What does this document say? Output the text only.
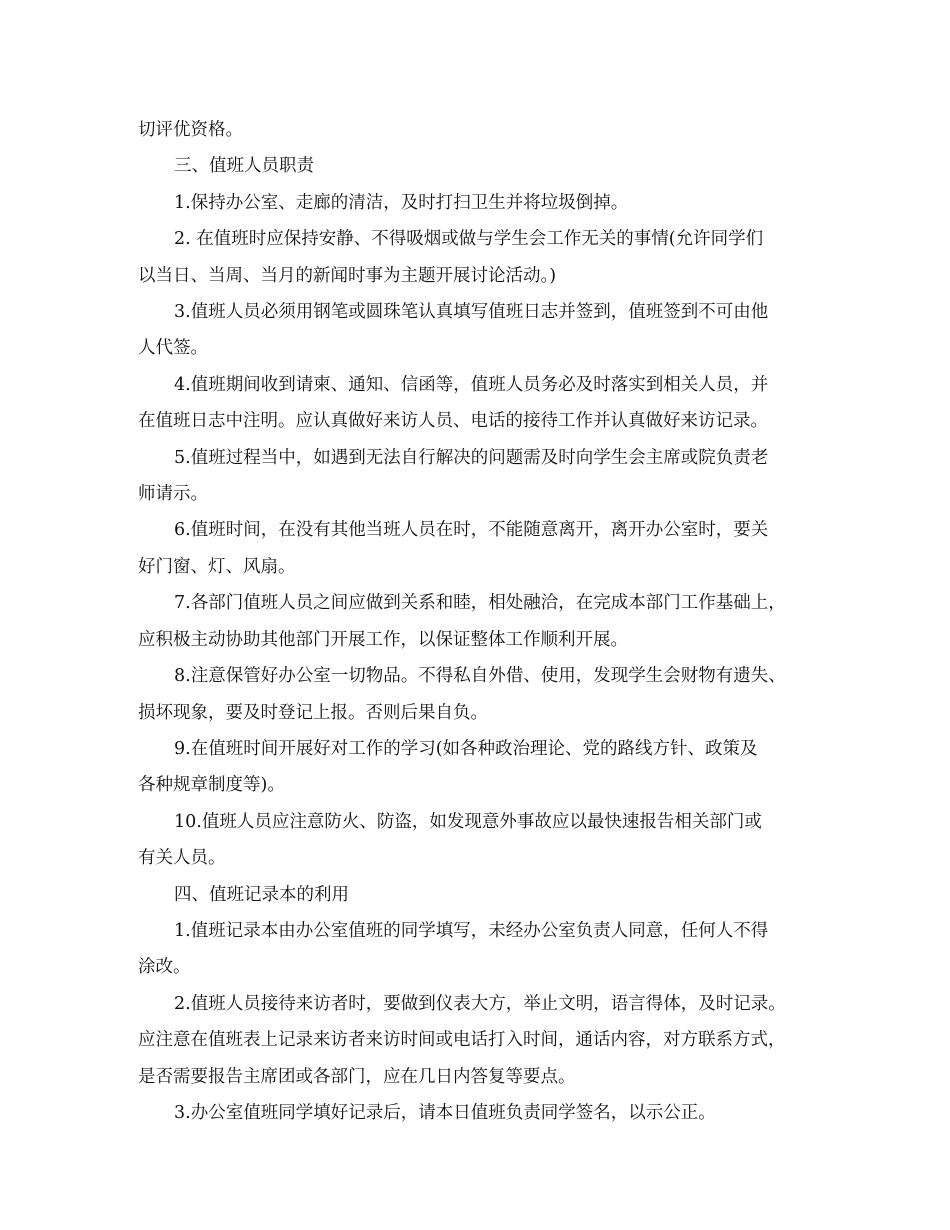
切评优资格。

三、值班人员职责

1.保持办公室、走廊的清洁，及时打扫卫生并将垃圾倒掉。

2. 在值班时应保持安静、不得吸烟或做与学生会工作无关的事情(允许同学们

以当日、当周、当月的新闻时事为主题开展讨论活动。)

3.值班人员必须用钢笔或圆珠笔认真填写值班日志并签到，值班签到不可由他

人代签。

4.值班期间收到请柬、通知、信函等，值班人员务必及时落实到相关人员，并

在值班日志中注明。应认真做好来访人员、电话的接待工作并认真做好来访记录。

5.值班过程当中，如遇到无法自行解决的问题需及时向学生会主席或院负责老

师请示。

6.值班时间，在没有其他当班人员在时，不能随意离开，离开办公室时，要关

好门窗、灯、风扇。

7.各部门值班人员之间应做到关系和睦，相处融洽，在完成本部门工作基础上，

应积极主动协助其他部门开展工作，以保证整体工作顺利开展。

8.注意保管好办公室一切物品。不得私自外借、使用，发现学生会财物有遗失、

损坏现象，要及时登记上报。否则后果自负。

9.在值班时间开展好对工作的学习(如各种政治理论、党的路线方针、政策及

各种规章制度等)。

10.值班人员应注意防火、防盗，如发现意外事故应以最快速报告相关部门或

有关人员。

四、值班记录本的利用

1.值班记录本由办公室值班的同学填写，未经办公室负责人同意，任何人不得

涂改。

2.值班人员接待来访者时，要做到仪表大方，举止文明，语言得体，及时记录。

应注意在值班表上记录来访者来访时间或电话打入时间，通话内容，对方联系方式，

是否需要报告主席团或各部门，应在几日内答复等要点。

3.办公室值班同学填好记录后，请本日值班负责同学签名，以示公正。
